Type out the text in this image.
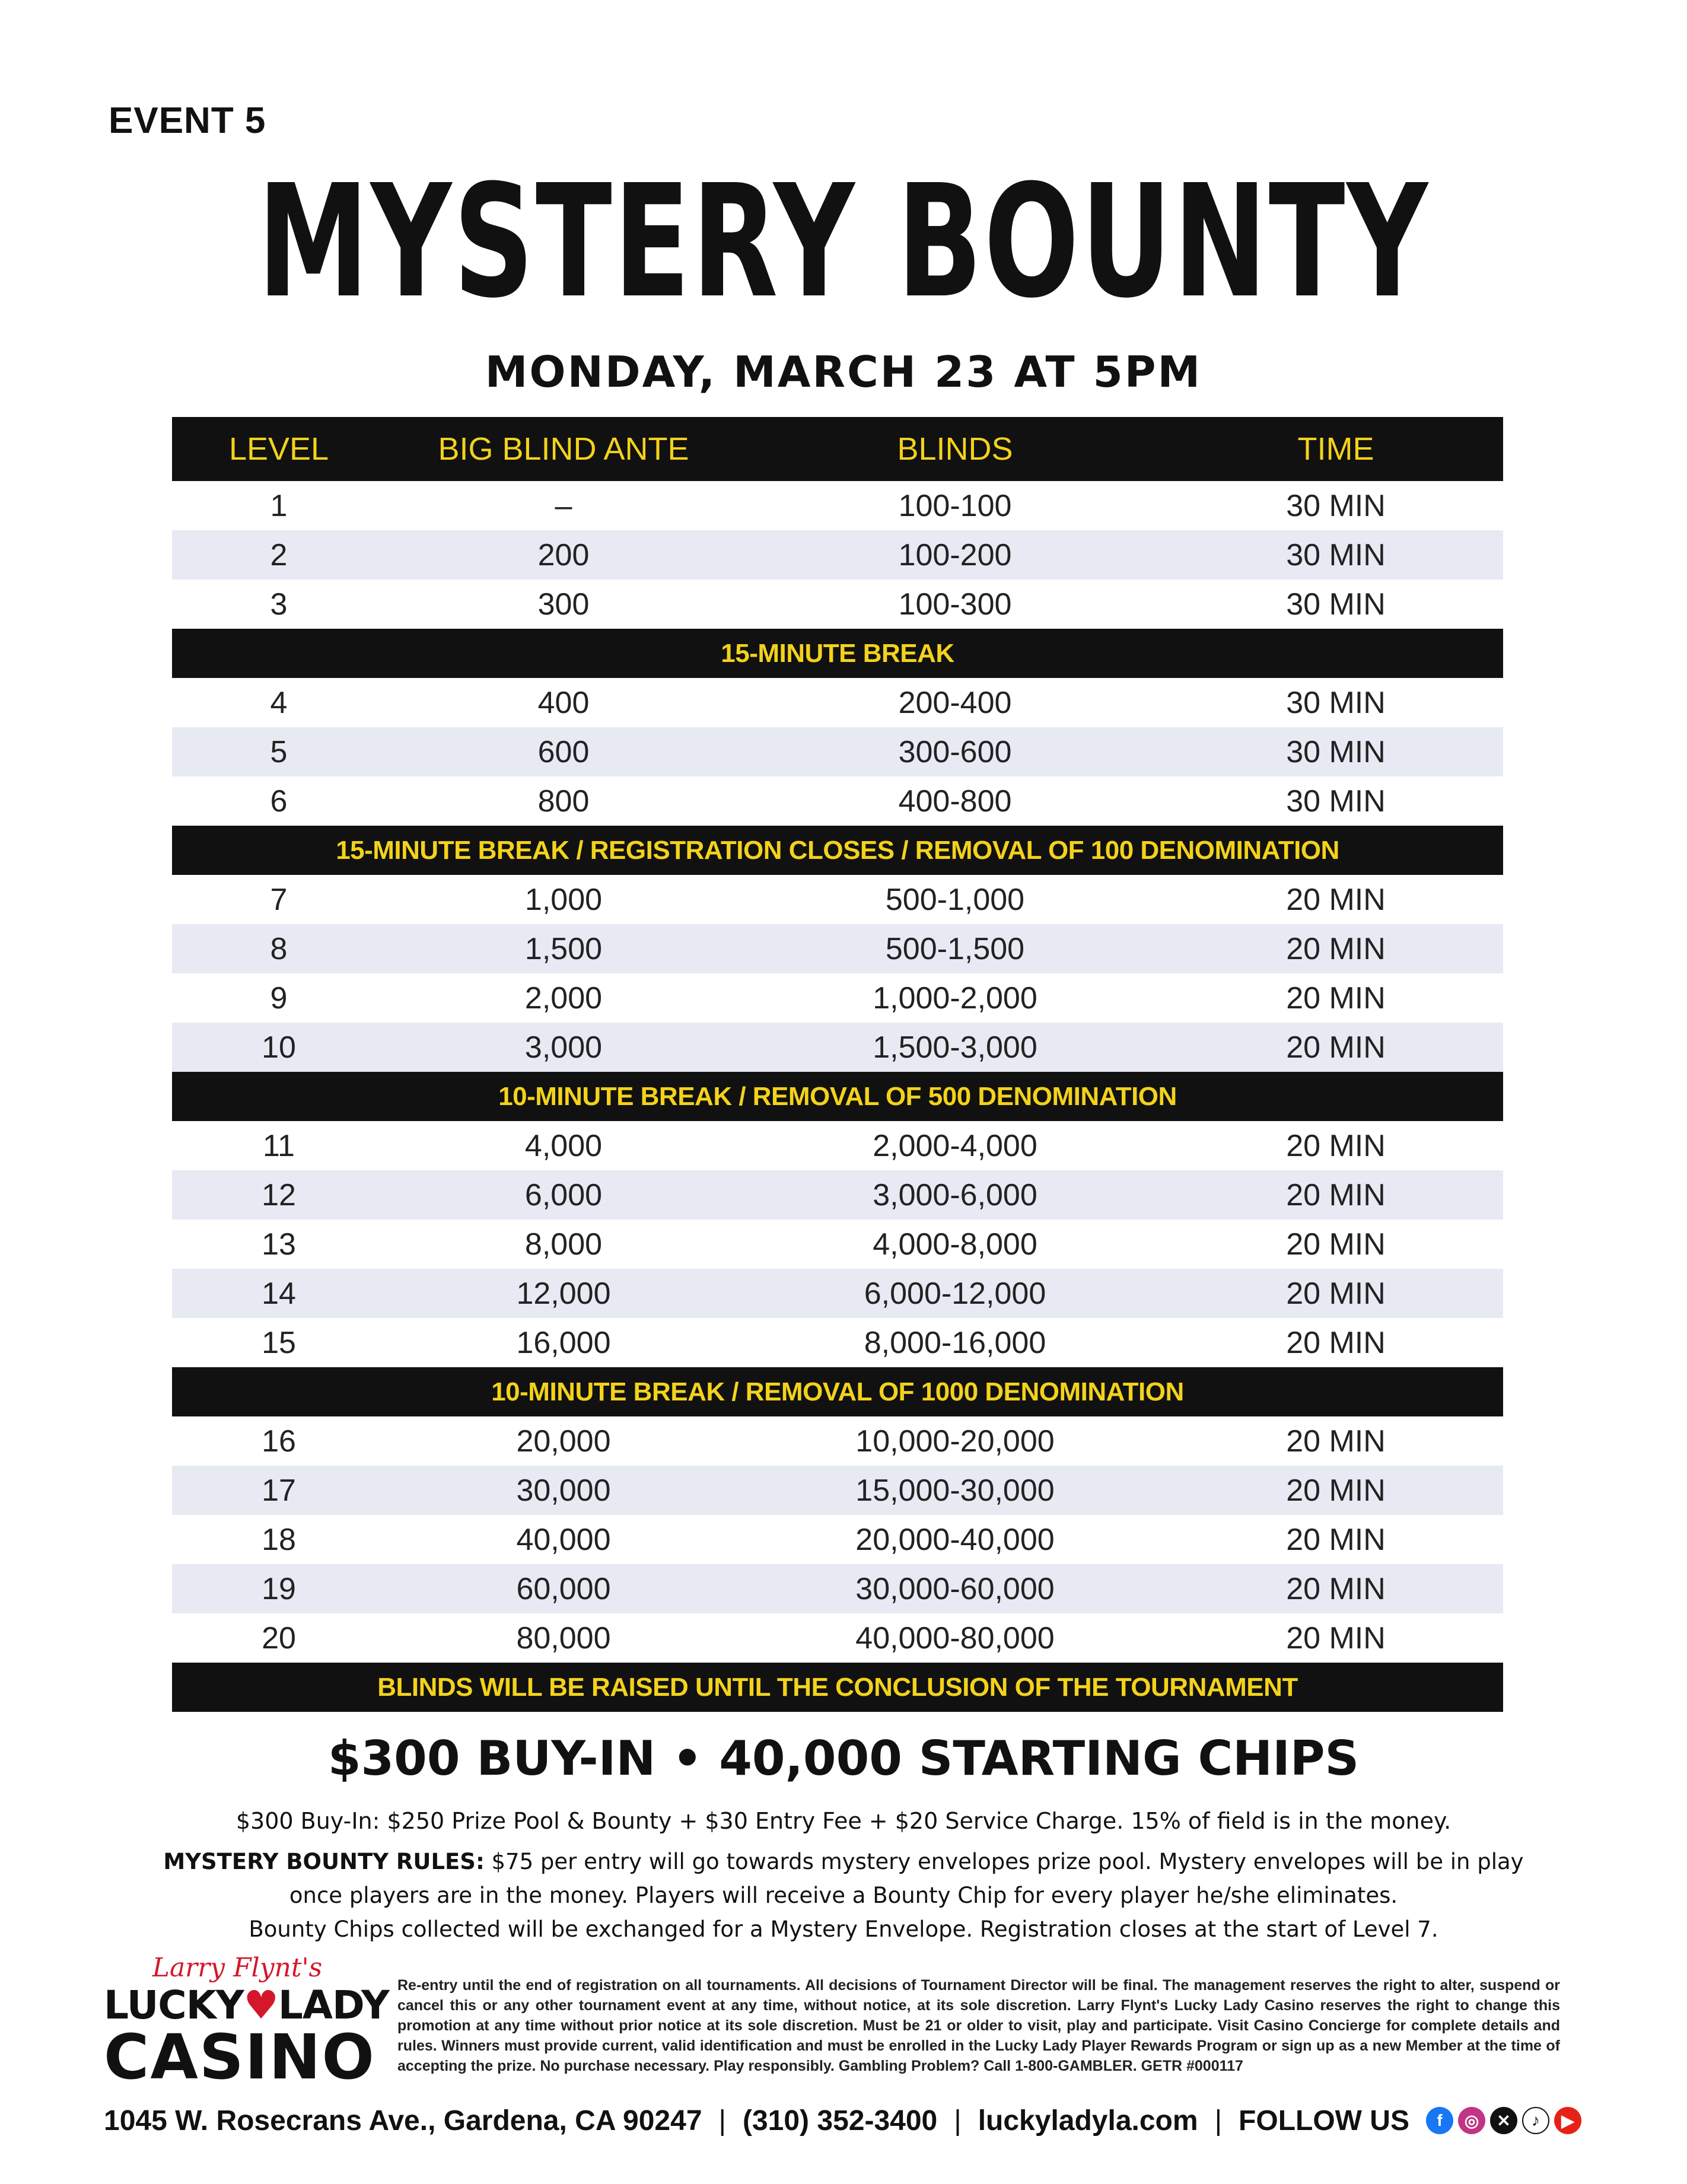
EVENT 5
MYSTERY BOUNTY
MONDAY, MARCH 23 AT 5PM
LEVEL	BIG BLIND ANTE	BLINDS	TIME
1	–	100-100	30 MIN
2	200	100-200	30 MIN
3	300	100-300	30 MIN
15-MINUTE BREAK
4	400	200-400	30 MIN
5	600	300-600	30 MIN
6	800	400-800	30 MIN
15-MINUTE BREAK / REGISTRATION CLOSES / REMOVAL OF 100 DENOMINATION
7	1,000	500-1,000	20 MIN
8	1,500	500-1,500	20 MIN
9	2,000	1,000-2,000	20 MIN
10	3,000	1,500-3,000	20 MIN
10-MINUTE BREAK / REMOVAL OF 500 DENOMINATION
11	4,000	2,000-4,000	20 MIN
12	6,000	3,000-6,000	20 MIN
13	8,000	4,000-8,000	20 MIN
14	12,000	6,000-12,000	20 MIN
15	16,000	8,000-16,000	20 MIN
10-MINUTE BREAK / REMOVAL OF 1000 DENOMINATION
16	20,000	10,000-20,000	20 MIN
17	30,000	15,000-30,000	20 MIN
18	40,000	20,000-40,000	20 MIN
19	60,000	30,000-60,000	20 MIN
20	80,000	40,000-80,000	20 MIN
BLINDS WILL BE RAISED UNTIL THE CONCLUSION OF THE TOURNAMENT
$300 BUY-IN • 40,000 STARTING CHIPS
$300 Buy-In: $250 Prize Pool & Bounty + $30 Entry Fee + $20 Service Charge. 15% of field is in the money.
MYSTERY BOUNTY RULES: $75 per entry will go towards mystery envelopes prize pool. Mystery envelopes will be in play
once players are in the money. Players will receive a Bounty Chip for every player he/she eliminates.
Bounty Chips collected will be exchanged for a Mystery Envelope. Registration closes at the start of Level 7.
Larry Flynt's
LUCKY♥LADY
CASINO
Re-entry until the end of registration on all tournaments. All decisions of Tournament Director will be final. The management reserves the right to alter, suspend or cancel this or any other tournament event at any time, without notice, at its sole discretion. Larry Flynt's Lucky Lady Casino reserves the right to change this promotion at any time without prior notice at its sole discretion. Must be 21 or older to visit, play and participate. Visit Casino Concierge for complete details and rules. Winners must provide current, valid identification and must be enrolled in the Lucky Lady Player Rewards Program or sign up as a new Member at the time of accepting the prize. No purchase necessary. Play responsibly. Gambling Problem? Call 1-800-GAMBLER. GETR #000117
1045 W. Rosecrans Ave., Gardena, CA 90247 | (310) 352-3400 | luckyladyla.com | FOLLOW US	f	◎	✕	♪	▶
